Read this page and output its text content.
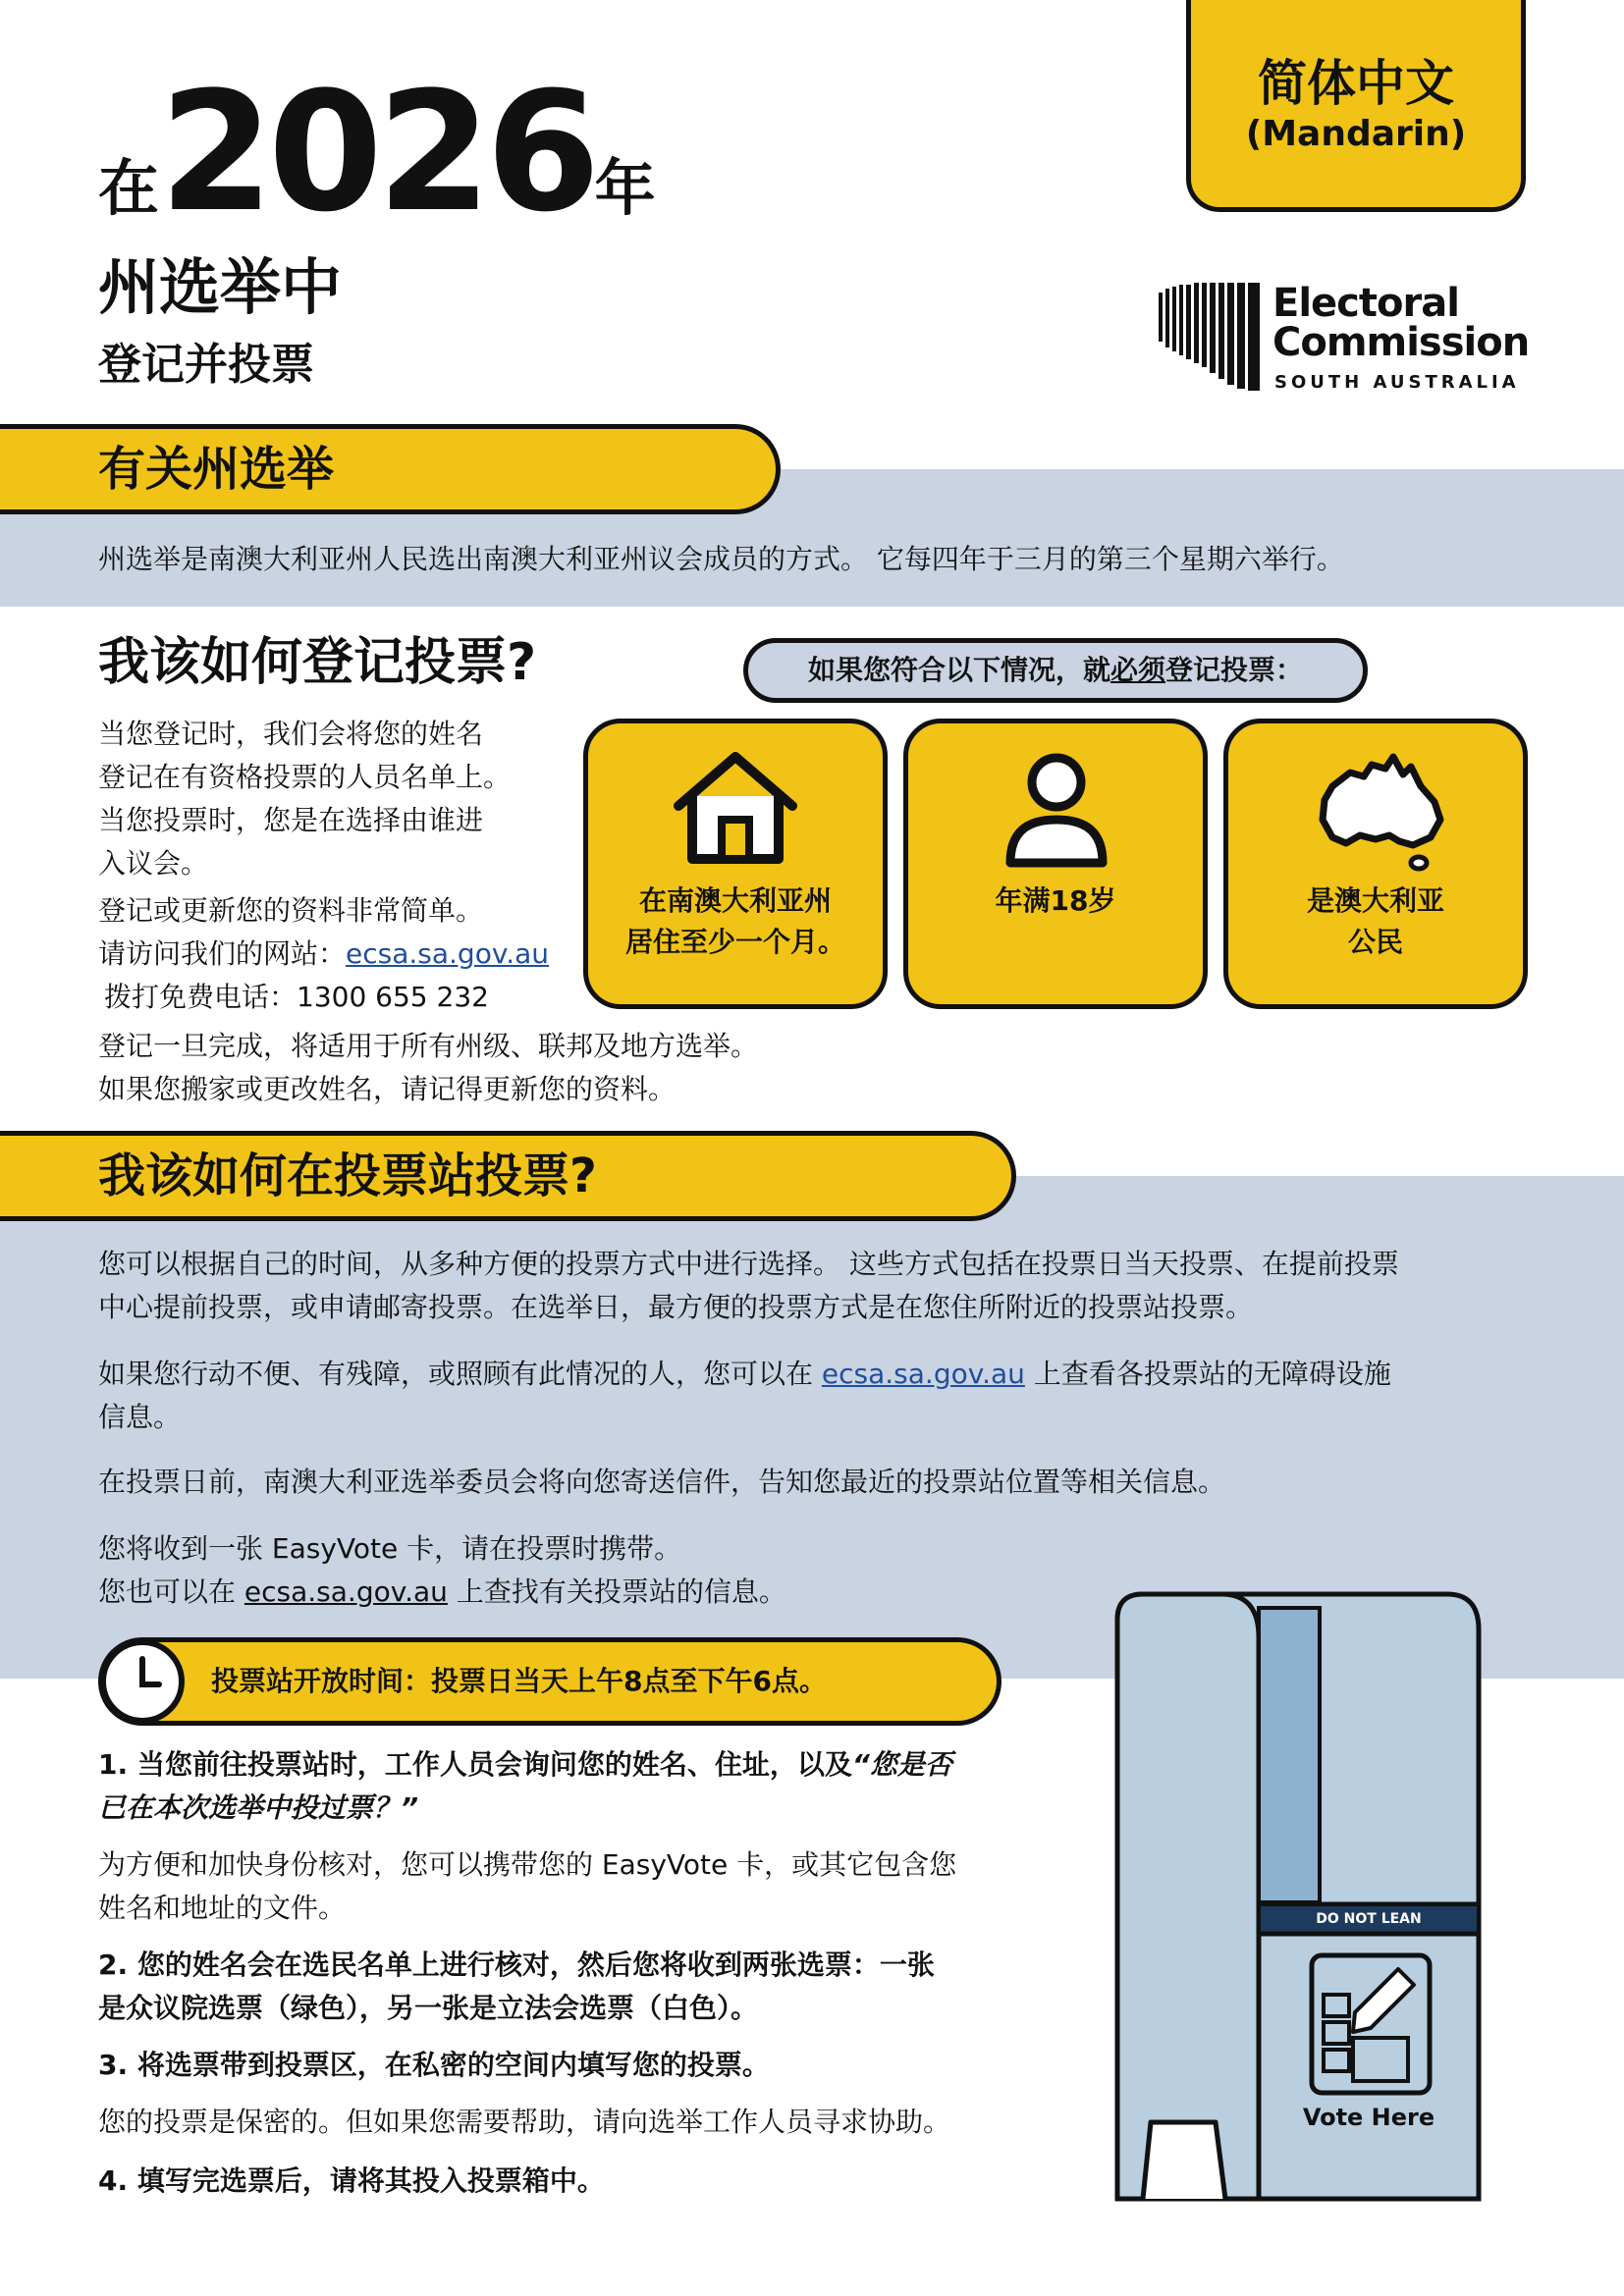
在2026年
州选举中
登记并投票
简体中文
(Mandarin)
Electoral
Commission
SOUTH AUSTRALIA
有关州选举
州选举是南澳大利亚州人民选出南澳大利亚州议会成员的方式。 它每四年于三月的第三个星期六举行。
我该如何登记投票?
当您登记时，我们会将您的姓名
登记在有资格投票的人员名单上。
当您投票时，您是在选择由谁进
入议会。
登记或更新您的资料非常简单。
请访问我们的网站：ecsa.sa.gov.au
拨打免费电话：1300 655 232
登记一旦完成，将适用于所有州级、联邦及地方选举。
如果您搬家或更改姓名，请记得更新您的资料。
如果您符合以下情况，就必须登记投票：
在南澳大利亚州
居住至少一个月。
年满18岁	是澳大利亚
公民
我该如何在投票站投票?
您可以根据自己的时间，从多种方便的投票方式中进行选择。 这些方式包括在投票日当天投票、在提前投票
中心提前投票，或申请邮寄投票。在选举日，最方便的投票方式是在您住所附近的投票站投票。
如果您行动不便、有残障，或照顾有此情况的人，您可以在 ecsa.sa.gov.au 上查看各投票站的无障碍设施
信息。
在投票日前，南澳大利亚选举委员会将向您寄送信件，告知您最近的投票站位置等相关信息。
您将收到一张 EasyVote 卡，请在投票时携带。
您也可以在 ecsa.sa.gov.au 上查找有关投票站的信息。
投票站开放时间：投票日当天上午8点至下午6点。
1. 当您前往投票站时，工作人员会询问您的姓名、住址，以及“您是否
已在本次选举中投过票？”
为方便和加快身份核对，您可以携带您的 EasyVote 卡，或其它包含您
姓名和地址的文件。
2. 您的姓名会在选民名单上进行核对，然后您将收到两张选票：一张
是众议院选票（绿色），另一张是立法会选票（白色）。
3. 将选票带到投票区，在私密的空间内填写您的投票。
您的投票是保密的。但如果您需要帮助，请向选举工作人员寻求协助。
4. 填写完选票后，请将其投入投票箱中。
DO NOT LEAN
Vote Here
